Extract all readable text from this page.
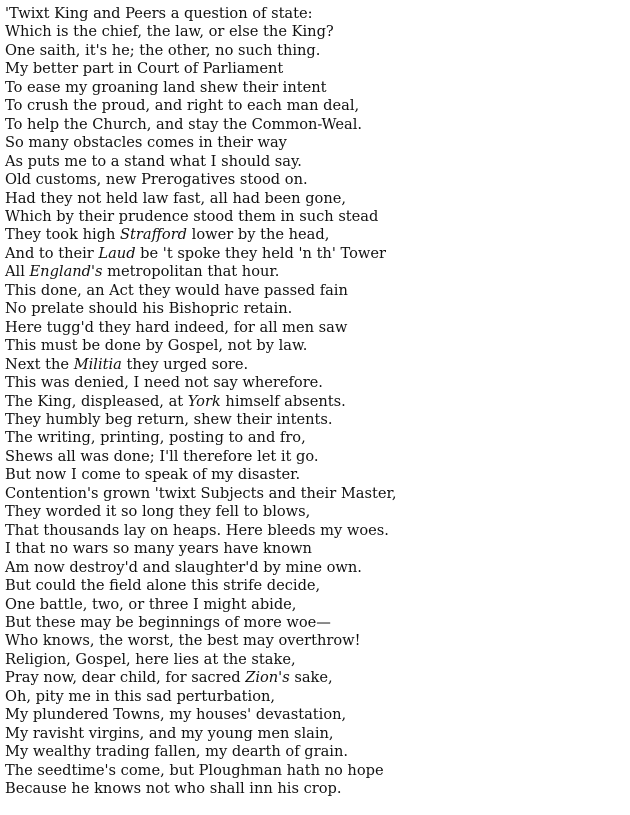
'Twixt King and Peers a question of state:
Which is the chief, the law, or else the King?
One saith, it's he; the other, no such thing.
My better part in Court of Parliament
To ease my groaning land shew their intent
To crush the proud, and right to each man deal,
To help the Church, and stay the Common-Weal.
So many obstacles comes in their way
As puts me to a stand what I should say.
Old customs, new Prerogatives stood on.
Had they not held law fast, all had been gone,
Which by their prudence stood them in such stead
They took high Strafford lower by the head,
And to their Laud be 't spoke they held 'n th' Tower
All England's metropolitan that hour.
This done, an Act they would have passed fain
No prelate should his Bishopric retain.
Here tugg'd they hard indeed, for all men saw
This must be done by Gospel, not by law.
Next the Militia they urged sore.
This was denied, I need not say wherefore.
The King, displeased, at York himself absents.
They humbly beg return, shew their intents.
The writing, printing, posting to and fro,
Shews all was done; I'll therefore let it go.
But now I come to speak of my disaster.
Contention's grown 'twixt Subjects and their Master,
They worded it so long they fell to blows,
That thousands lay on heaps. Here bleeds my woes.
I that no wars so many years have known
Am now destroy'd and slaughter'd by mine own.
But could the field alone this strife decide,
One battle, two, or three I might abide,
But these may be beginnings of more woe—
Who knows, the worst, the best may overthrow!
Religion, Gospel, here lies at the stake,
Pray now, dear child, for sacred Zion's sake,
Oh, pity me in this sad perturbation,
My plundered Towns, my houses' devastation,
My ravisht virgins, and my young men slain,
My wealthy trading fallen, my dearth of grain.
The seedtime's come, but Ploughman hath no hope
Because he knows not who shall inn his crop.
